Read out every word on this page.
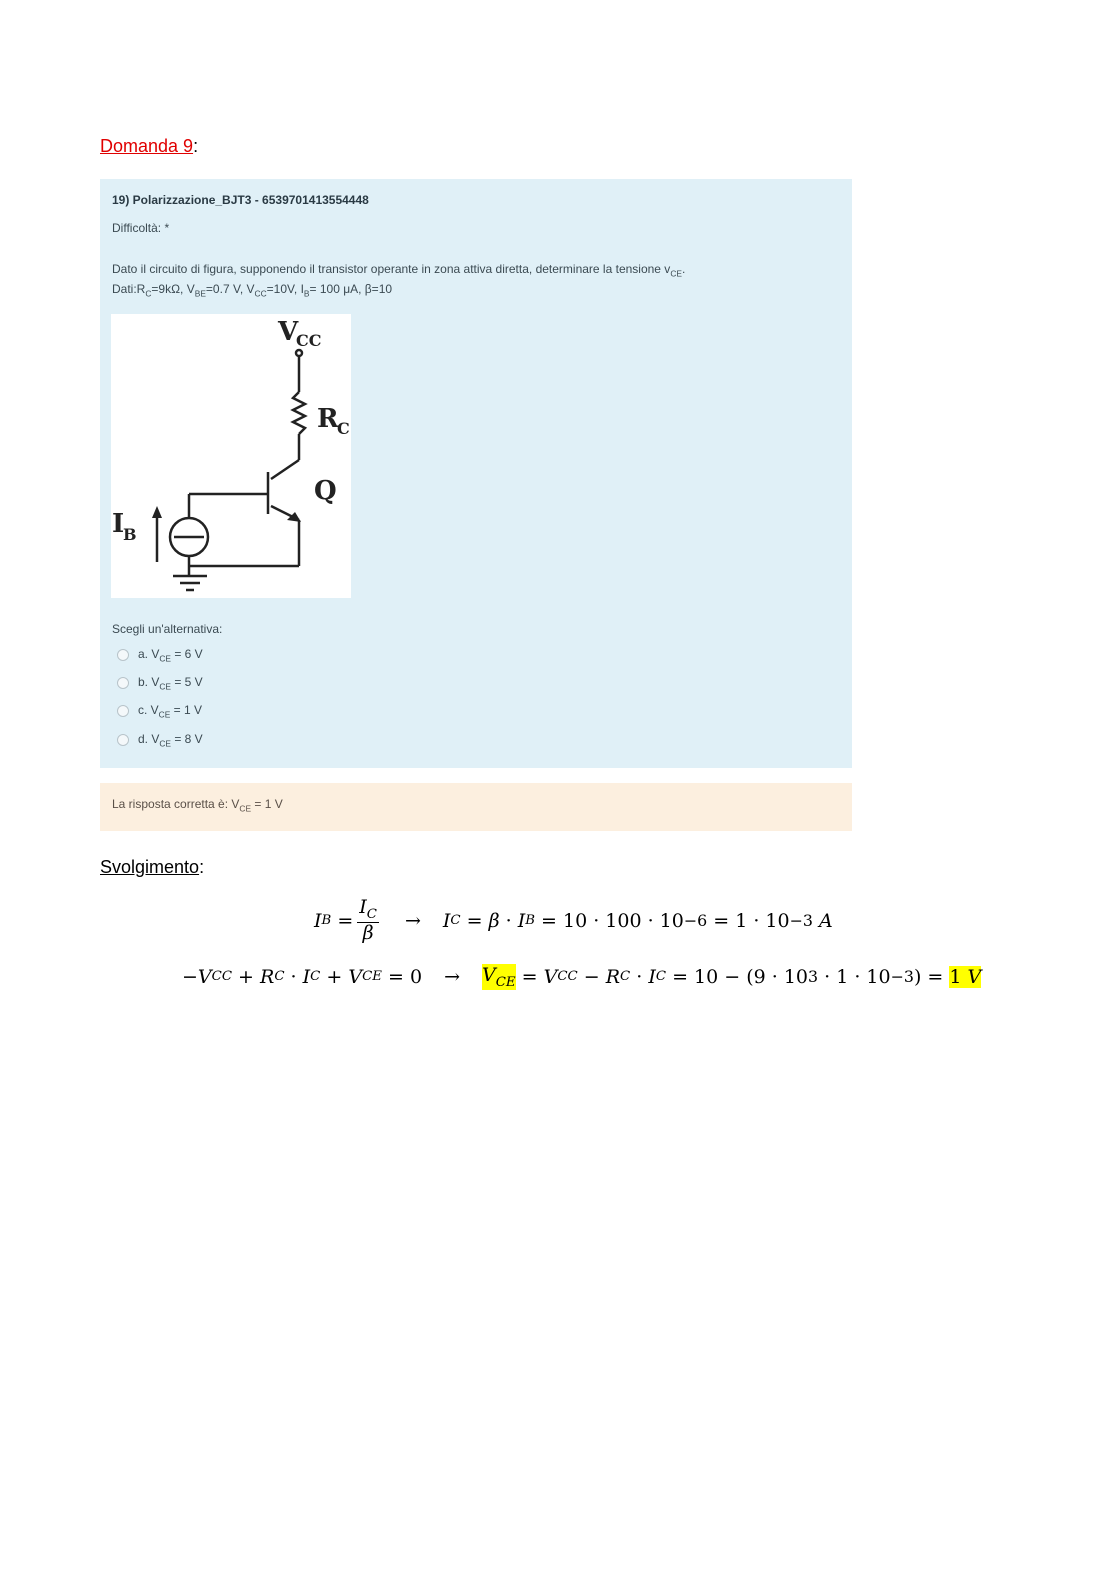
Domanda 9:
19) Polarizzazione_BJT3 - 6539701413554448
Difficoltà: *
Dato il circuito di figura, supponendo il transistor operante in zona attiva diretta, determinare la tensione $v_{CE}$.
$Dati:R_C=9k\Omega$, $V_{BE}=0.7$ V, $V_{CC}=10V$, $I_B= 100$ μA, β=10
V
CC
R
C
Q
I
B
Scegli un'alternativa:
a. $V_{CE} = 6$ V
b. $V_{CE} = 5$ V
c. $V_{CE} = 1$ V
d. $V_{CE} = 8$ V
La risposta corretta è: $V_{CE} = 1$ V
Svolgimento:
I $B = \frac{I_C}{\beta} \to I$ C = β · I B = 10 · 100 · 10 −6 = 1 · 10 −3
A
− V CC + R C · I C + V CE = 0
→ $V_{CE} = V$ CC − R C · I C = 10 − (9 · 10 3 · 1 · 10 −3 ) = 1 V
